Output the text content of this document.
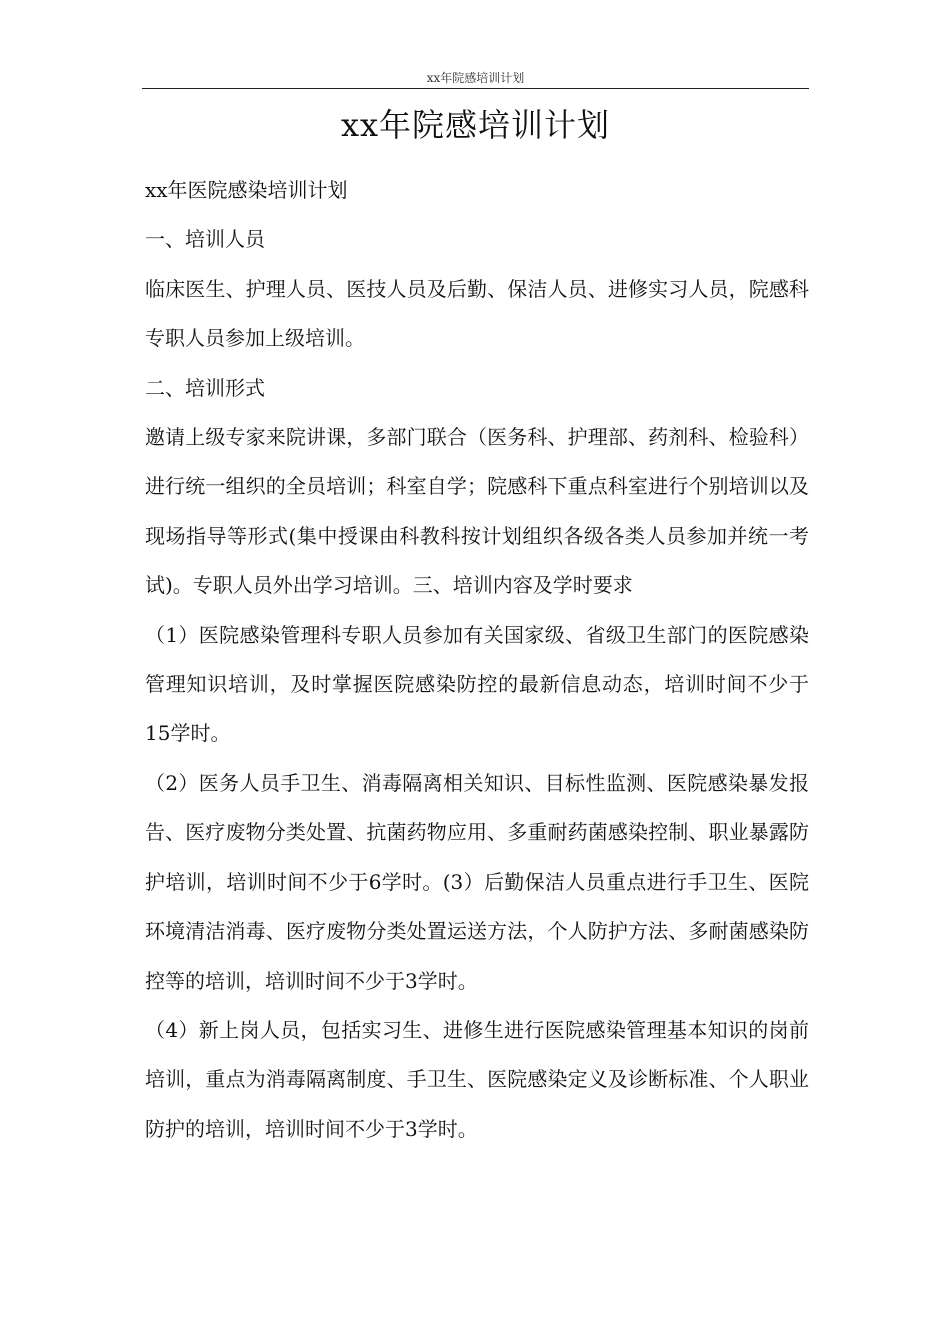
xx年院感培训计划
xx年院感培训计划

xx年医院感染培训计划

一、培训人员

临床医生、护理人员、医技人员及后勤、保洁人员、进修实习人员，院感科专职人员参加上级培训。

二、培训形式

邀请上级专家来院讲课，多部门联合（医务科、护理部、药剂科、检验科）进行统一组织的全员培训；科室自学；院感科下重点科室进行个别培训以及现场指导等形式(集中授课由科教科按计划组织各级各类人员参加并统一考试)。专职人员外出学习培训。三、培训内容及学时要求

（1）医院感染管理科专职人员参加有关国家级、省级卫生部门的医院感染管理知识培训，及时掌握医院感染防控的最新信息动态，培训时间不少于15学时。

（2）医务人员手卫生、消毒隔离相关知识、目标性监测、医院感染暴发报告、医疗废物分类处置、抗菌药物应用、多重耐药菌感染控制、职业暴露防护培训，培训时间不少于6学时。(3）后勤保洁人员重点进行手卫生、医院环境清洁消毒、医疗废物分类处置运送方法，个人防护方法、多耐菌感染防控等的培训，培训时间不少于3学时。

（4）新上岗人员，包括实习生、进修生进行医院感染管理基本知识的岗前培训，重点为消毒隔离制度、手卫生、医院感染定义及诊断标准、个人职业防护的培训，培训时间不少于3学时。
